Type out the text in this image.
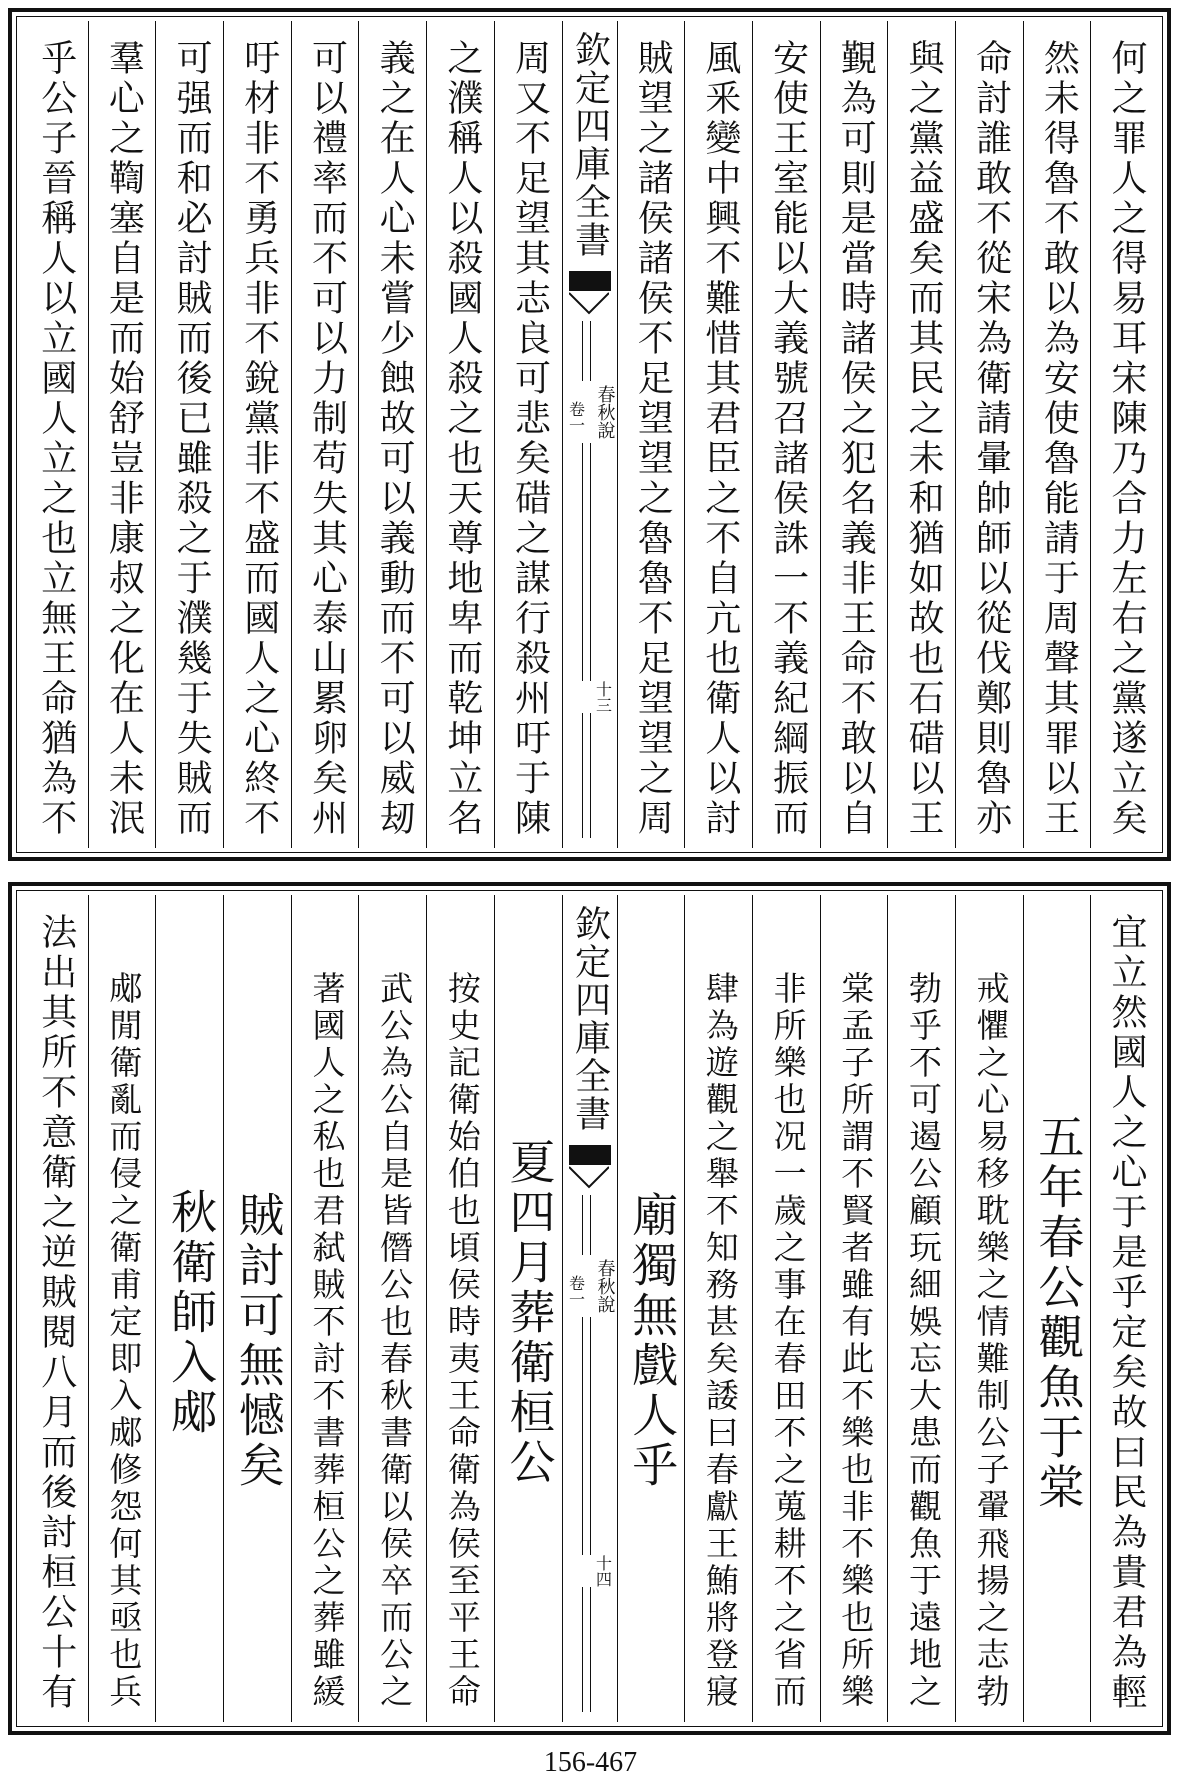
何之罪人之得易耳宋陳乃合力左右之黨遂立矣
然未得魯不敢以為安使魯能請于周聲其罪以王
命討誰敢不從宋為衛請暈帥師以從伐鄭則魯亦
與之黨益盛矣而其民之未和猶如故也石碏以王
覲為可則是當時諸侯之犯名義非王命不敢以自
安使王室能以大義號召諸侯誅一不義紀綱振而
風釆變中興不難惜其君臣之不自亢也衛人以討
賊望之諸侯諸侯不足望望之魯魯不足望望之周
欽定四庫全書
春秋說
卷一
十三
周又不足望其志良可悲矣碏之謀行殺州吁于陳
之濮稱人以殺國人殺之也天尊地卑而乾坤立名
義之在人心未嘗少蝕故可以義動而不可以威刼
可以禮率而不可以力制苟失其心泰山累卵矣州
吁材非不勇兵非不銳黨非不盛而國人之心終不
可强而和必討賊而後已雖殺之于濮幾于失賊而
羣心之鞫塞自是而始舒豈非康叔之化在人未泯
乎公子晉稱人以立國人立之也立無王命猶為不
宜立然國人之心于是乎定矣故曰民為貴君為輕
五年春公觀魚于棠
戒懼之心易移耽樂之情難制公子翬飛揚之志勃
勃乎不可遏公顧玩細娛忘大患而觀魚于遠地之
棠孟子所謂不賢者雖有此不樂也非不樂也所樂
非所樂也况一歲之事在春田不之蒐耕不之省而
肆為遊觀之舉不知務甚矣諉曰春獻王鮪將登寢
廟獨無戲人乎
欽定四庫全書
春秋說
卷一
十四
夏四月葬衛桓公
按史記衛始伯也頃侯時夷王命衛為侯至平王命
武公為公自是皆僭公也春秋書衛以侯卒而公之
著國人之私也君弑賊不討不書葬桓公之葬雖緩
賊討可無憾矣
秋衛師入郕
郕閒衛亂而侵之衛甫定即入郕修怨何其亟也兵
法出其所不意衛之逆賊閱八月而後討桓公十有
156-467
